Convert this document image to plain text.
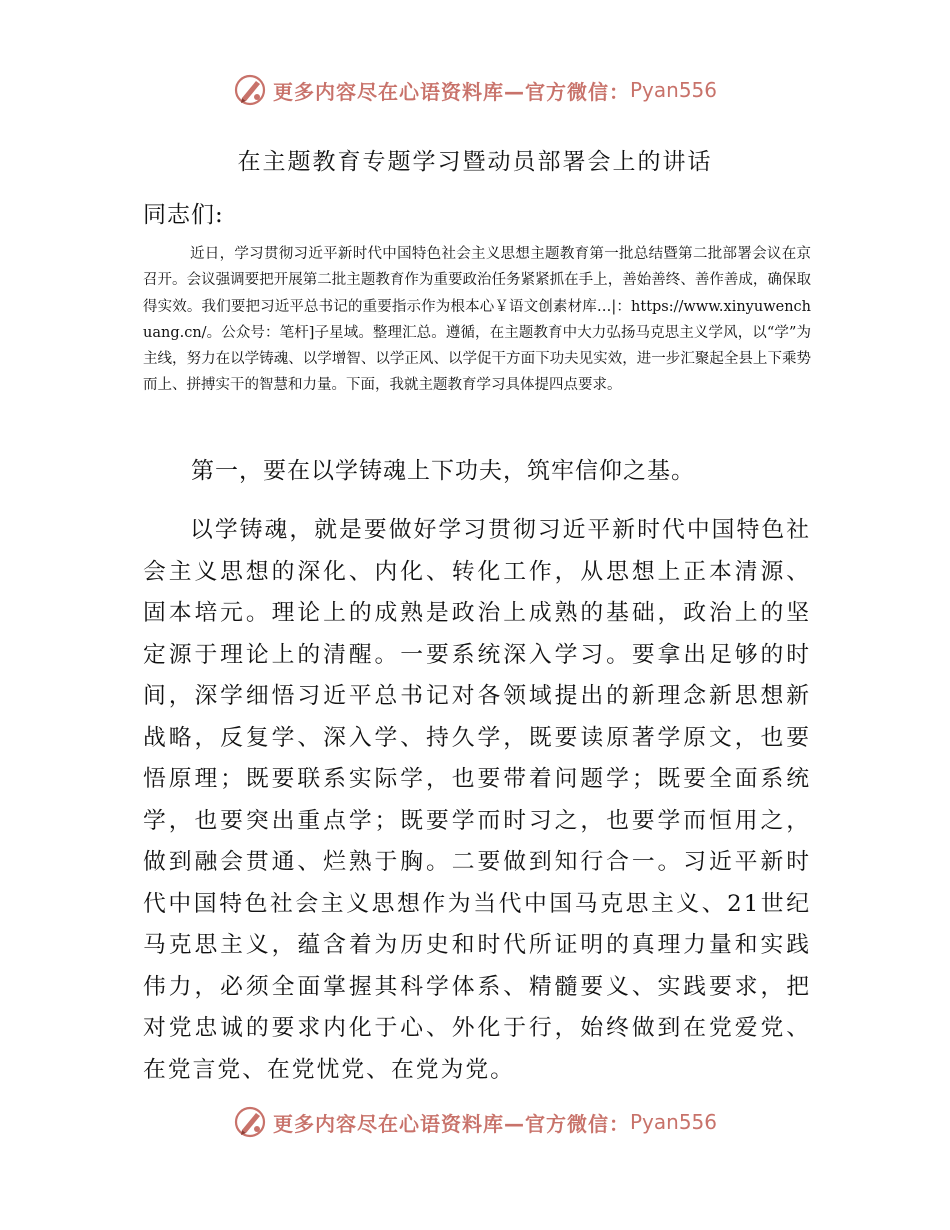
更多内容尽在心语资料库—官方微信： Pyan556
在主题教育专题学习暨动员部署会上的讲话
同志们:

近日，学习贯彻习近平新时代中国特色社会主义思想主题教育第一批总结暨第二批部署会议在京召开。会议强调要把开展第二批主题教育作为重要政治任务紧紧抓在手上，善始善终、善作善成，确保取得实效。我们要把习近平总书记的重要指示作为根本心￥语文创素材库…|：https://www.xinyuwenchuang.cn/。公众号：笔杆]子星域。整理汇总。遵循，在主题教育中大力弘扬马克思主义学风，以“学”为主线，努力在以学铸魂、以学增智、以学正风、以学促干方面下功夫见实效，进一步汇聚起全县上下乘势而上、拼搏实干的智慧和力量。下面，我就主题教育学习具体提四点要求。

第一，要在以学铸魂上下功夫，筑牢信仰之基。

以学铸魂，就是要做好学习贯彻习近平新时代中国特色社会主义思想的深化、内化、转化工作，从思想上正本清源、固本培元。理论上的成熟是政治上成熟的基础，政治上的坚定源于理论上的清醒。一要系统深入学习。要拿出足够的时间，深学细悟习近平总书记对各领域提出的新理念新思想新战略，反复学、深入学、持久学，既要读原著学原文，也要悟原理；既要联系实际学，也要带着问题学；既要全面系统学，也要突出重点学；既要学而时习之，也要学而恒用之，做到融会贯通、烂熟于胸。二要做到知行合一。习近平新时代中国特色社会主义思想作为当代中国马克思主义、21世纪马克思主义，蕴含着为历史和时代所证明的真理力量和实践伟力，必须全面掌握其科学体系、精髓要义、实践要求，把对党忠诚的要求内化于心、外化于行，始终做到在党爱党、在党言党、在党忧党、在党为党。

更多内容尽在心语资料库—官方微信： Pyan556
